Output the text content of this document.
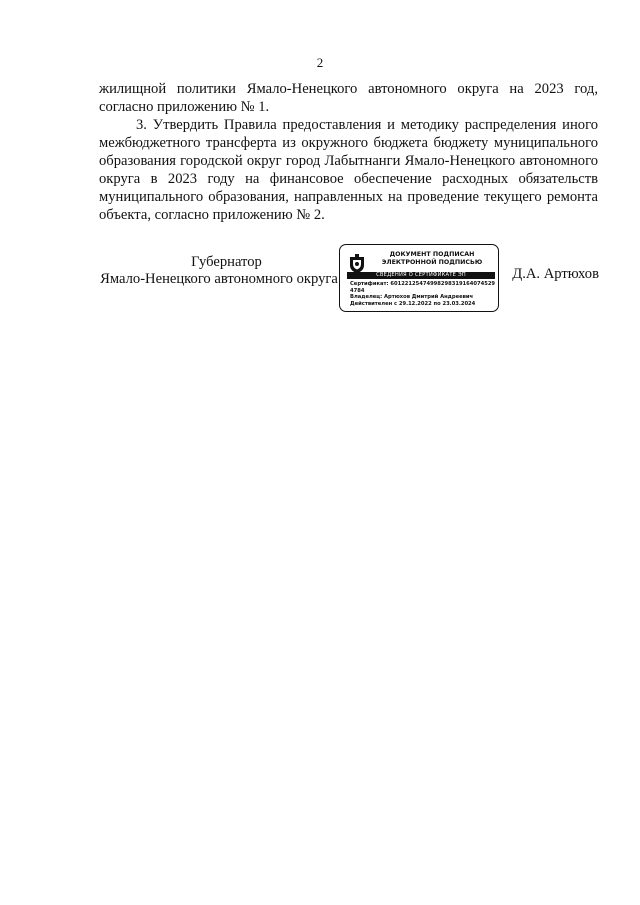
2

жилищной политики Ямало-Ненецкого автономного округа на 2023 год, согласно приложению № 1.

3. Утвердить Правила предоставления и методику распределения иного межбюджетного трансферта из окружного бюджета бюджету муниципального образования городской округ город Лабытнанги Ямало-Ненецкого автономного округа в 2023 году на финансовое обеспечение расходных обязательств муниципального образования, направленных на проведение текущего ремонта объекта, согласно приложению № 2.

Губернатор
Ямало-Ненецкого автономного округа
ДОКУМЕНТ ПОДПИСАН
ЭЛЕКТРОННОЙ ПОДПИСЬЮ
СВЕДЕНИЯ О СЕРТИФИКАТЕ ЭП
Сертификат: 60122125474998298319164074529
4784
Владелец: Артюхов Дмитрий Андреевич
Действителен с 29.12.2022 по 23.03.2024
Д.А. Артюхов
